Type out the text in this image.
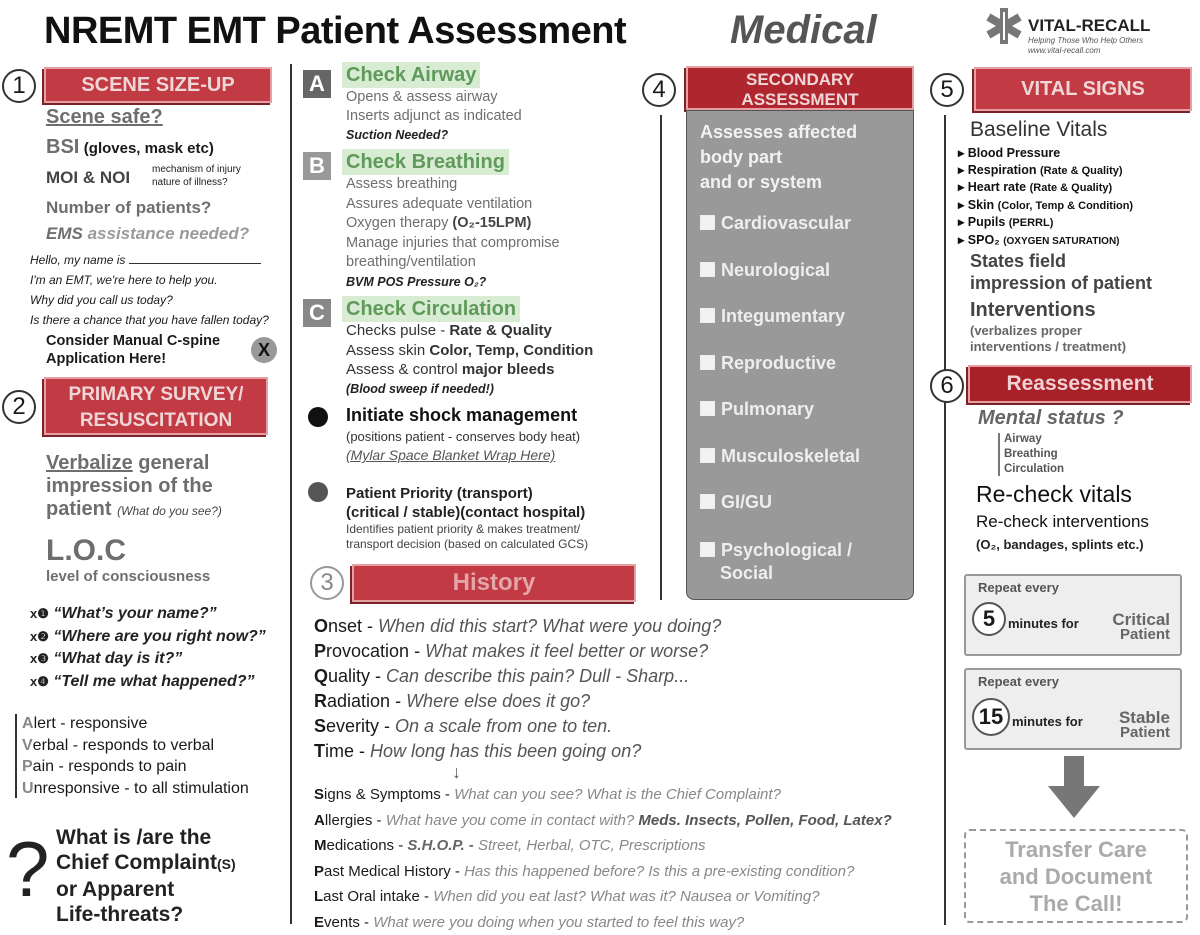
NREMT EMT Patient Assessment	Medical	VITAL-RECALL
Helping Those Who Help Others
www.vital-recall.com
1	SCENE SIZE-UP
Scene safe?
BSI (gloves, mask etc)
MOI & NOI mechanism of injury
nature of illness?
Number of patients?
EMS assistance needed?
Hello, my name is
I'm an EMT, we're here to help you.
Why did you call us today?
Is there a chance that you have fallen today?
Consider Manual C-spine Application Here!	X
2	PRIMARY SURVEY/
RESUSCITATION
Verbalize general impression of the patient (What do you see?)
L.O.C
level of consciousness
x❶ “What’s your name?”
x❷ “Where are you right now?”
x❸ “What day is it?”
x❹ “Tell me what happened?”
Alert - responsive
Verbal - responds to verbal
Pain - responds to pain
Unresponsive - to all stimulation
? What is /are the
Chief Complaint(S)
or Apparent
Life-threats?
A	Check Airway
Opens & assess airway
Inserts adjunct as indicated
Suction Needed?
B	Check Breathing
Assess breathing
Assures adequate ventilation
Oxygen therapy (O₂-15LPM)
Manage injuries that compromise
breathing/ventilation
BVM POS Pressure O₂?
C	Check Circulation
Checks pulse - Rate & Quality
Assess skin Color, Temp, Condition
Assess & control major bleeds
(Blood sweep if needed!)
Initiate shock management
(positions patient - conserves body heat)
(Mylar Space Blanket Wrap Here)
Patient Priority (transport)
(critical / stable)(contact hospital)
Identifies patient priority & makes treatment/
transport decision (based on calculated GCS)
3	History
Onset - When did this start? What were you doing?
Provocation - What makes it feel better or worse?
Quality - Can describe this pain? Dull - Sharp...
Radiation - Where else does it go?
Severity - On a scale from one to ten.
Time - How long has this been going on?
↓
Signs & Symptoms - What can you see? What is the Chief Complaint?
Allergies - What have you come in contact with? Meds. Insects, Pollen, Food, Latex?
Medications - S.H.O.P. - Street, Herbal, OTC, Prescriptions
Past Medical History - Has this happened before? Is this a pre-existing condition?
Last Oral intake - When did you eat last? What was it? Nausea or Vomiting?
Events - What were you doing when you started to feel this way?
4	SECONDARY
ASSESSMENT
Assesses affected
body part
and or system
Cardiovascular
Neurological
Integumentary
Reproductive
Pulmonary
Musculoskeletal
GI/GU
Psychological /
Social
5	VITAL SIGNS
Baseline Vitals
▸ Blood Pressure
▸ Respiration (Rate & Quality)
▸ Heart rate (Rate & Quality)
▸ Skin (Color, Temp & Condition)
▸ Pupils (PERRL)
▸ SPO₂ (OXYGEN SATURATION)
States field
impression of patient
Interventions
(verbalizes proper
interventions / treatment)
6	Reassessment
Mental status ?
Airway
Breathing
Circulation
Re-check vitals
Re-check interventions
(O₂, bandages, splints etc.)
Repeat every
5 minutes for Critical
Patient
Repeat every
15 minutes for Stable
Patient
Transfer Care
and Document
The Call!
